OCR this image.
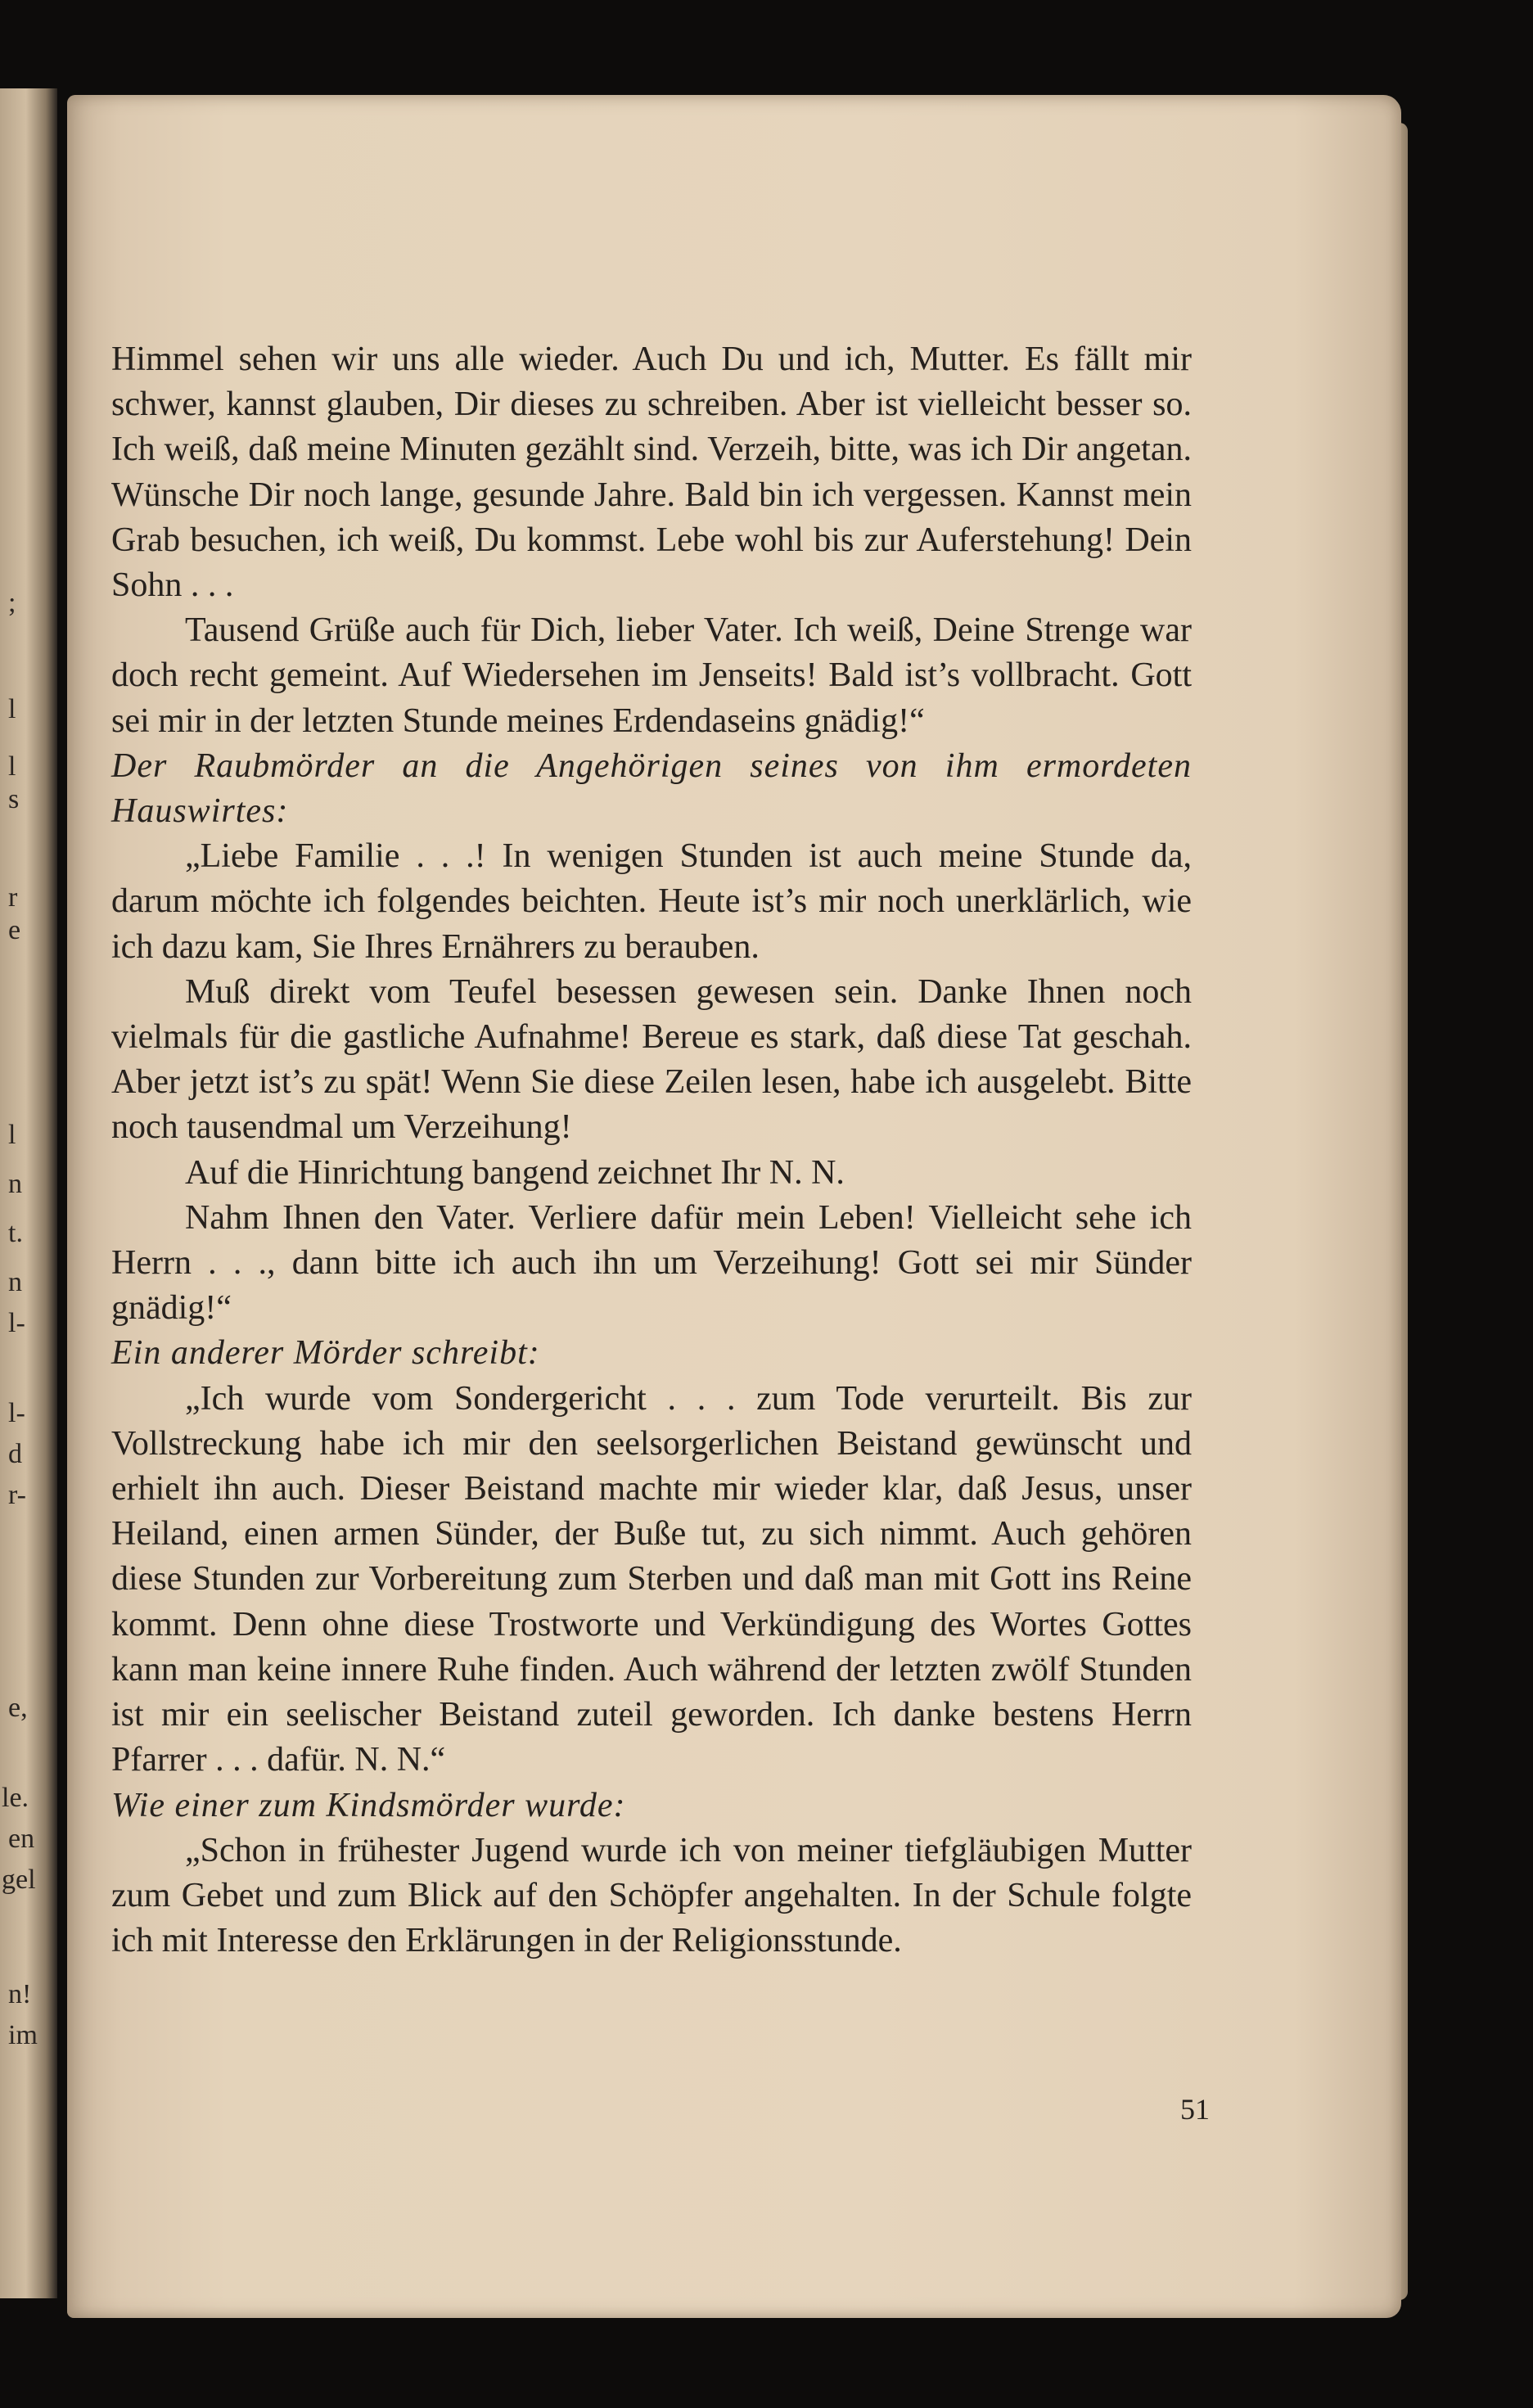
;
l
l
s
r
e
l
n
t.
n
l-
l-
d
r-
e,
le.
en
gel
n!
im

Himmel sehen wir uns alle wieder. Auch Du und ich, Mutter. Es fällt mir schwer, kannst glauben, Dir dieses zu schreiben. Aber ist vielleicht besser so. Ich weiß, daß meine Minuten gezählt sind. Verzeih, bitte, was ich Dir angetan. Wünsche Dir noch lange, gesunde Jahre. Bald bin ich vergessen. Kannst mein Grab besuchen, ich weiß, Du kommst. Lebe wohl bis zur Auferstehung! Dein Sohn . . .

Tausend Grüße auch für Dich, lieber Vater. Ich weiß, Deine Strenge war doch recht gemeint. Auf Wiedersehen im Jenseits! Bald ist’s vollbracht. Gott sei mir in der letzten Stunde meines Erdendaseins gnädig!“

Der Raubmörder an die Angehörigen seines von ihm ermordeten Hauswirtes:

„Liebe Familie . . .! In wenigen Stunden ist auch meine Stunde da, darum möchte ich folgendes beichten. Heute ist’s mir noch unerklärlich, wie ich dazu kam, Sie Ihres Ernährers zu berauben.

Muß direkt vom Teufel besessen gewesen sein. Danke Ihnen noch vielmals für die gastliche Aufnahme! Bereue es stark, daß diese Tat geschah. Aber jetzt ist’s zu spät! Wenn Sie diese Zeilen lesen, habe ich ausgelebt. Bitte noch tausendmal um Verzeihung!

Auf die Hinrichtung bangend zeichnet Ihr N. N.

Nahm Ihnen den Vater. Verliere dafür mein Leben! Vielleicht sehe ich Herrn . . ., dann bitte ich auch ihn um Verzeihung! Gott sei mir Sünder gnädig!“

Ein anderer Mörder schreibt:

„Ich wurde vom Sondergericht . . . zum Tode verurteilt. Bis zur Vollstreckung habe ich mir den seelsorgerlichen Beistand gewünscht und erhielt ihn auch. Dieser Beistand machte mir wieder klar, daß Jesus, unser Heiland, einen armen Sünder, der Buße tut, zu sich nimmt. Auch gehören diese Stunden zur Vorbereitung zum Sterben und daß man mit Gott ins Reine kommt. Denn ohne diese Trostworte und Verkündigung des Wortes Gottes kann man keine innere Ruhe finden. Auch während der letzten zwölf Stunden ist mir ein seelischer Beistand zuteil geworden. Ich danke bestens Herrn Pfarrer . . . dafür. N. N.“

Wie einer zum Kindsmörder wurde:

„Schon in frühester Jugend wurde ich von meiner tiefgläubigen Mutter zum Gebet und zum Blick auf den Schöpfer angehalten. In der Schule folgte ich mit Interesse den Erklärungen in der Religionsstunde.

51
